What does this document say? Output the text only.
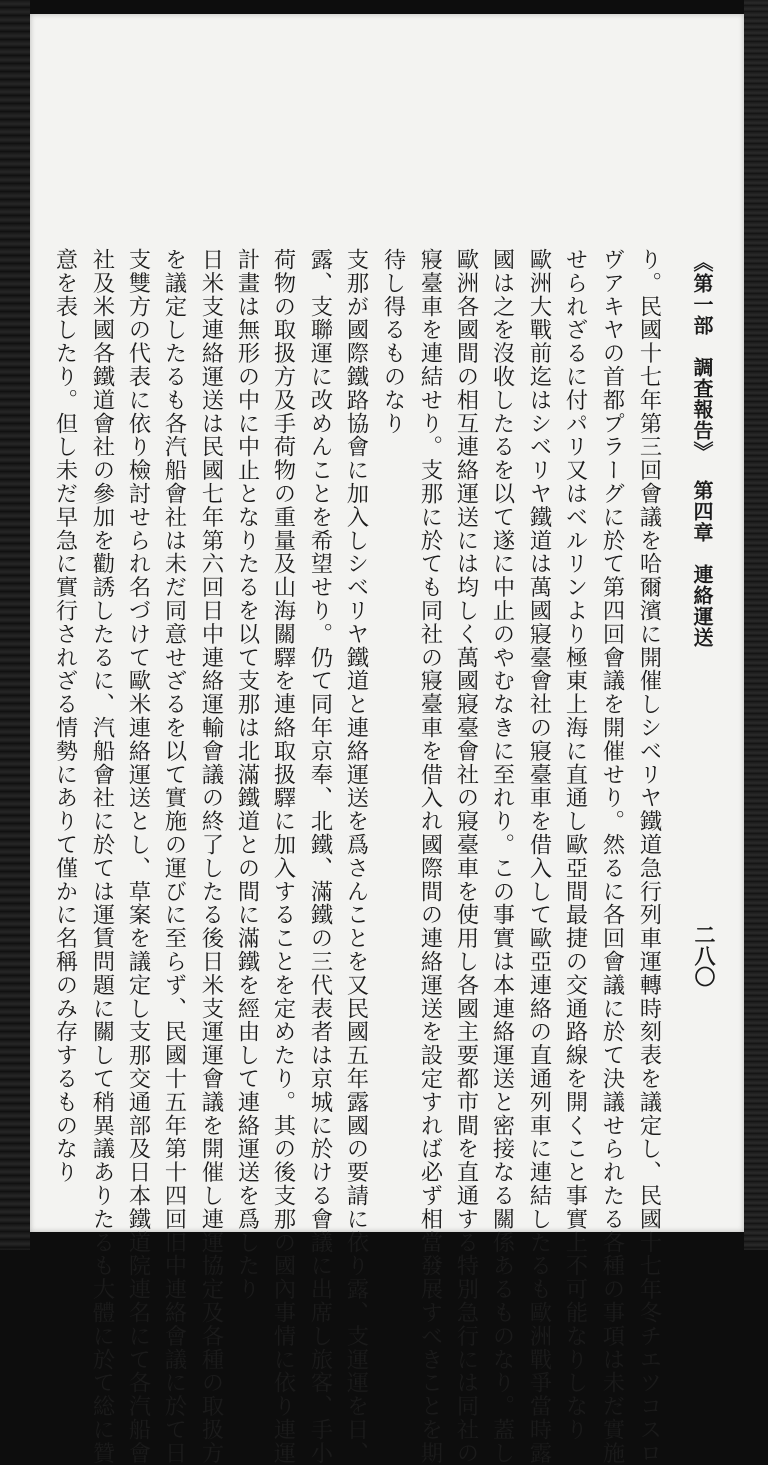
《第一部　調査報告》第四章　連絡運送
二八〇
り。民國十七年第三回會議を哈爾濱に開催しシベリヤ鐵道急行列車運轉時刻表を議定し、民國十七年冬チエツコスロ
ヴアキヤの首都プラーグに於て第四回會議を開催せり。然るに各回會議に於て決議せられたる各種の事項は未だ實施
せられざるに付パリ又はベルリンより極東上海に直通し歐亞間最捷の交通路線を開くこと事實上不可能なりしなり
歐洲大戰前迄はシベリヤ鐵道は萬國寢臺會社の寢臺車を借入して歐亞連絡の直通列車に連結したるも歐洲戰爭當時露
國は之を沒收したるを以て遂に中止のやむなきに至れり。この事實は本連絡運送と密接なる關係あるものなり。蓋し
歐洲各國間の相互連絡運送には均しく萬國寢臺會社の寢臺車を使用し各國主要都市間を直通する特別急行には同社の
寢臺車を連結せり。支那に於ても同社の寢臺車を借入れ國際間の連絡運送を設定すれば必ず相當發展すべきことを期
待し得るものなり
支那が國際鐵路協會に加入しシベリヤ鐵道と連絡運送を爲さんことを又民國五年露國の要請に依り露、支運運を日、
露、支聯運に改めんことを希望せり。仍て同年京奉、北鐵、滿鐵の三代表者は京城に於ける會議に出席し旅客、手小
荷物の取扱方及手荷物の重量及山海關驛を連絡取扱驛に加入することを定めたり。其の後支那の國內事情に依り連運
計畫は無形の中に中止となりたるを以て支那は北滿鐵道との間に滿鐵を經由して連絡運送を爲したり
日米支連絡運送は民國七年第六回日中連絡運輸會議の終了したる後日米支運運會議を開催し連運協定及各種の取扱方
を議定したるも各汽船會社は未だ同意せざるを以て實施の運びに至らず、民國十五年第十四回旧中連絡會議に於て日
支雙方の代表に依り檢討せられ名づけて歐米連絡運送とし、草案を議定し支那交通部及日本鐵道院連名にて各汽船會
社及米國各鐵道會社の參加を勸誘したるに、汽船會社に於ては運賃問題に關して稍異議ありたるも大體に於て総に贊
意を表したり。但し未だ早急に實行されざる情勢にありて僅かに名稱のみ存するものなり
